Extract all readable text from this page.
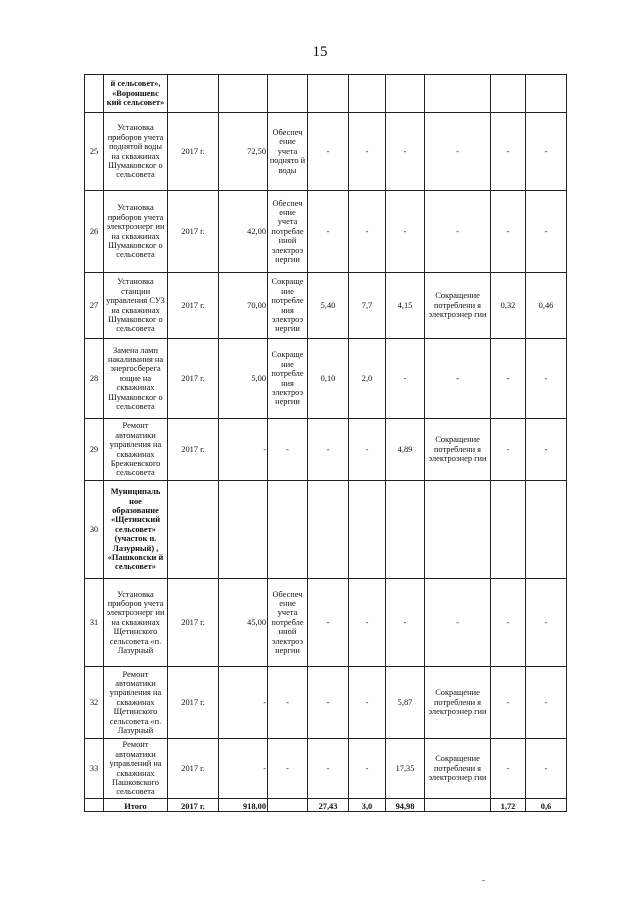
15
	й сельсовет», «Вороншевс кий сельсовет»									
25	Установка приборов учета поднятой воды на скважинах Шумаковског о сельсовета	2017 г.	72,50	Обеспеч ение учета поднято й воды	-	-	-	-	-	-
26	Установка приборов учета электроэнерг ии на скважинах Шумаковског о сельсовета	2017 г.	42,00	Обеспеч ение учета потребле нной электроэ нергии	-	-	-	-	-	-
27	Установка станции управления СУЗ на скважинах Шумаковског о сельсовета	2017 г.	70,00	Сокраще ние потребле ния электроэ нергии	5,40	7,7	4,15	Сокращение потреблени я электроэнер гии	0,32	0,46
28	Замена ламп накаливания на энергосберега ющие на скважинах Шумаковског о сельсовета	2017 г.	5,00	Сокраще ние потребле ния электроэ нергии	0,10	2,0	-	-	-	-
29	Ремонт автоматики управления на скважинах Брежневского сельсовета	2017 г.	-	-	-	-	4,89	Сокращение потреблени я электроэнер гии	-	-
30	Муниципаль ное образование «Щетинский сельсовет» (участок п. Лазурный) , «Пашковски й сельсовет»									
31	Установка приборов учета электроэнерг ии на скважинах Щетинского сельсовета «п. Лазурный	2017 г.	45,00	Обеспеч ение учета потребле нной электроэ нергии	-	-	-	-	-	-
32	Ремонт автоматики управления на скважинах Щетинского сельсовета «п. Лазурный	2017 г.	-	-	-	-	5,87	Сокращение потреблени я электроэнер гии	-	-
33	Ремонт автоматики управлений на скважинах Пашковского сельсовета	2017 г.	-	-	-	-	17,35	Сокращение потреблени я электроэнер гии	-	-
	Итого	2017 г.	918,00		27,43	3,0	94,98		1,72	0,6
